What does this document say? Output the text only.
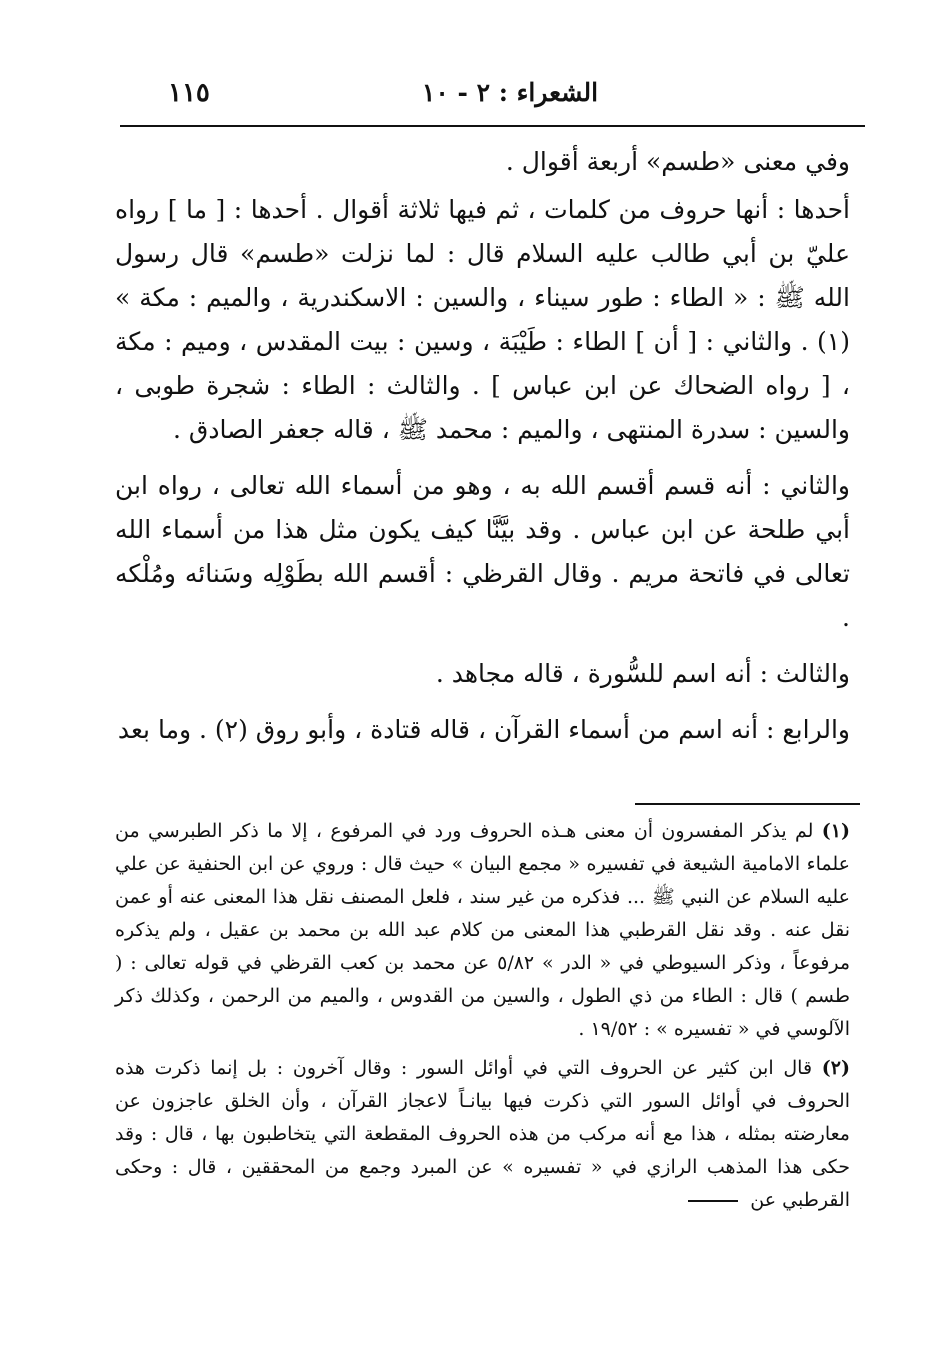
١١٥	الشعراء : ٢ - ١٠

وفي معنى «طسم» أربعة أقوال .

أحدها : أنها حروف من كلمات ، ثم فيها ثلاثة أقوال . أحدها : [ ما ] رواه عليّ بن أبي طالب عليه السلام قال : لما نزلت «طسم» قال رسول الله ﷺ : « الطاء : طور سيناء ، والسين : الاسكندرية ، والميم : مكة » (١) . والثاني : [ أن ] الطاء : طَيْبَة ، وسين : بيت المقدس ، وميم : مكة ، [ رواه الضحاك عن ابن عباس ] . والثالث : الطاء : شجرة طوبى ، والسين : سدرة المنتهى ، والميم : محمد ﷺ ، قاله جعفر الصادق .

والثاني : أنه قسم أقسم الله به ، وهو من أسماء الله تعالى ، رواه ابن أبي طلحة عن ابن عباس . وقد بيَّنَّا كيف يكون مثل هذا من أسماء الله تعالى في فاتحة مريم . وقال القرظي : أقسم الله بطَوْلِه وسَنائه ومُلْكه .

والثالث : أنه اسم للسُّورة ، قاله مجاهد .

والرابع : أنه اسم من أسماء القرآن ، قاله قتادة ، وأبو روق (٢) . وما بعد

(١) لم يذكر المفسرون أن معنى هـذه الحروف ورد في المرفوع ، إلا ما ذكر الطبرسي من علماء الامامية الشيعة في تفسيره « مجمع البيان » حيث قال : وروي عن ابن الحنفية عن علي عليه السلام عن النبي ﷺ ... فذكره من غير سند ، فلعل المصنف نقل هذا المعنى عنه أو عمن نقل عنه . وقد نقل القرطبي هذا المعنى من كلام عبد الله بن محمد بن عقيل ، ولم يذكره مرفوعاً ، وذكر السيوطي في « الدر » ٥/٨٢ عن محمد بن كعب القرظي في قوله تعالى : ( طسم ) قال : الطاء من ذي الطول ، والسين من القدوس ، والميم من الرحمن ، وكذلك ذكر الآلوسي في « تفسيره » : ١٩/٥٢ .

(٢) قال ابن كثير عن الحروف التي في أوائل السور : وقال آخرون : بل إنما ذكرت هذه الحروف في أوائل السور التي ذكرت فيها بيانـاً لاعجاز القرآن ، وأن الخلق عاجزون عن معارضته بمثله ، هذا مع أنه مركب من هذه الحروف المقطعة التي يتخاطبون بها ، قال : وقد حكى هذا المذهب الرازي في « تفسيره » عن المبرد وجمع من المحققين ، قال : وحكى القرطبي عن
